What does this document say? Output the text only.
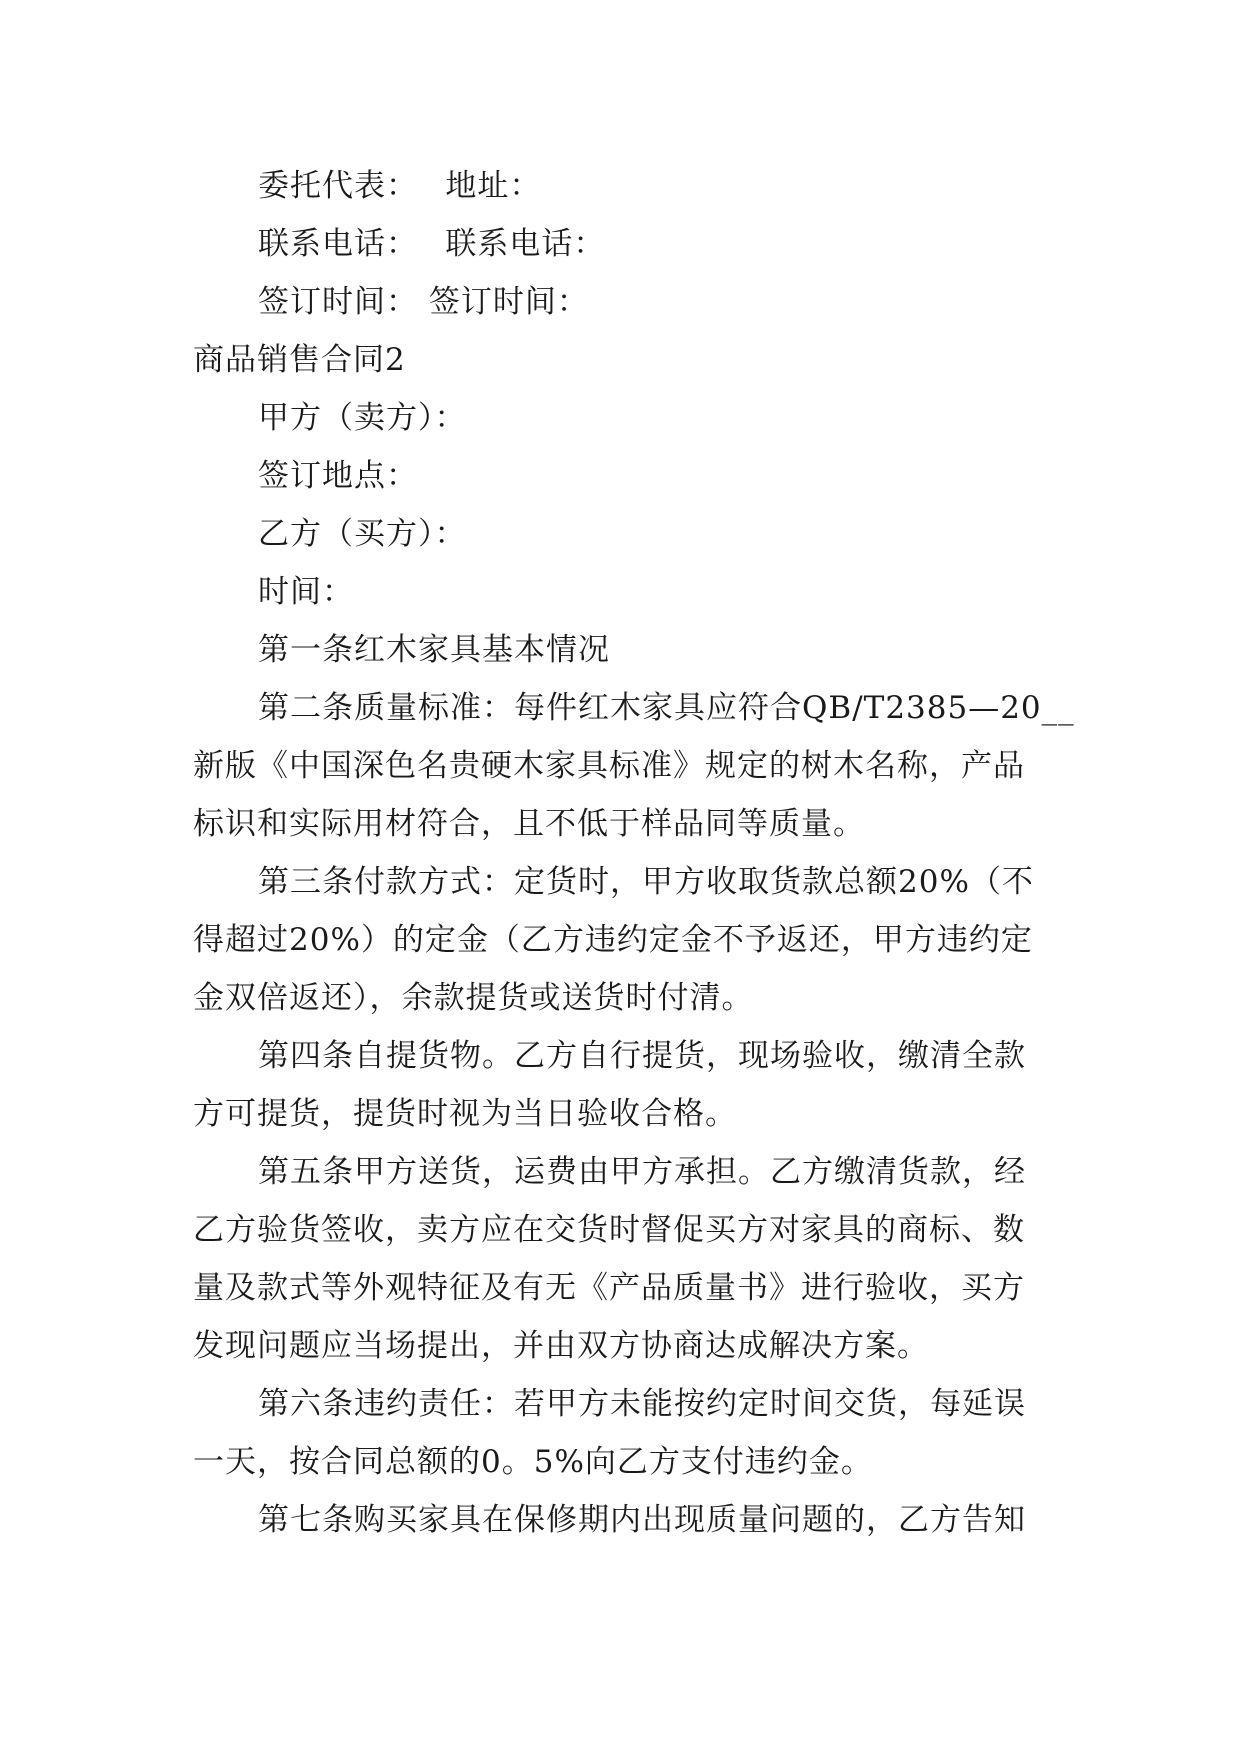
委托代表：　 地址：
联系电话：　 联系电话：
签订时间： 签订时间：
商品销售合同2
甲方（卖方）：
签订地点：
乙方（买方）：
时间：
第一条红木家具基本情况
第二条质量标准：每件红木家具应符合QB/T2385—20__
新版《中国深色名贵硬木家具标准》规定的树木名称，产品
标识和实际用材符合，且不低于样品同等质量。
第三条付款方式：定货时，甲方收取货款总额20%（不
得超过20%）的定金（乙方违约定金不予返还，甲方违约定
金双倍返还），余款提货或送货时付清。
第四条自提货物。乙方自行提货，现场验收，缴清全款
方可提货，提货时视为当日验收合格。
第五条甲方送货，运费由甲方承担。乙方缴清货款，经
乙方验货签收，卖方应在交货时督促买方对家具的商标、数
量及款式等外观特征及有无《产品质量书》进行验收，买方
发现问题应当场提出，并由双方协商达成解决方案。
第六条违约责任：若甲方未能按约定时间交货，每延误
一天，按合同总额的0。5%向乙方支付违约金。
第七条购买家具在保修期内出现质量问题的，乙方告知
